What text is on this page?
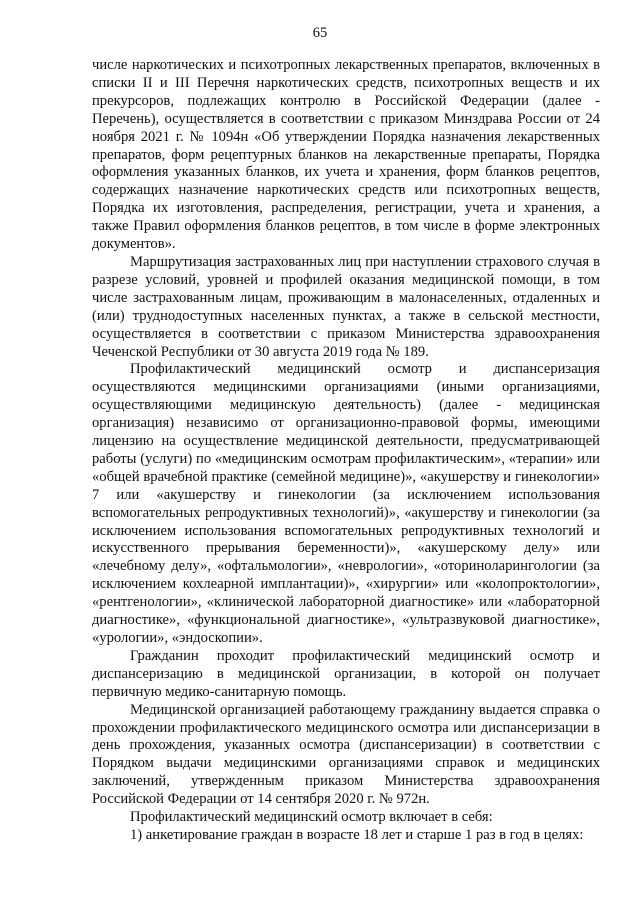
65

числе наркотических и психотропных лекарственных препаратов, включенных в списки II и III Перечня наркотических средств, психотропных веществ и их прекурсоров, подлежащих контролю в Российской Федерации (далее - Перечень), осуществляется в соответствии с приказом Минздрава России от 24 ноября 2021 г. № 1094н «Об утверждении Порядка назначения лекарственных препаратов, форм рецептурных бланков на лекарственные препараты, Порядка оформления указанных бланков, их учета и хранения, форм бланков рецептов, содержащих назначение наркотических средств или психотропных веществ, Порядка их изготовления, распределения, регистрации, учета и хранения, а также Правил оформления бланков рецептов, в том числе в форме электронных документов».

Маршрутизация застрахованных лиц при наступлении страхового случая в разрезе условий, уровней и профилей оказания медицинской помощи, в том числе застрахованным лицам, проживающим в малонаселенных, отдаленных и (или) труднодоступных населенных пунктах, а также в сельской местности, осуществляется в соответствии с приказом Министерства здравоохранения Чеченской Республики от 30 августа 2019 года № 189.

Профилактический медицинский осмотр и диспансеризация осуществляются медицинскими организациями (иными организациями, осуществляющими медицинскую деятельность) (далее - медицинская организация) независимо от организационно-правовой формы, имеющими лицензию на осуществление медицинской деятельности, предусматривающей работы (услуги) по «медицинским осмотрам профилактическим», «терапии» или «общей врачебной практике (семейной медицине)», «акушерству и гинекологии» 7 или «акушерству и гинекологии (за исключением использования вспомогательных репродуктивных технологий)», «акушерству и гинекологии (за исключением использования вспомогательных репродуктивных технологий и искусственного прерывания беременности)», «акушерскому делу» или «лечебному делу», «офтальмологии», «неврологии», «оториноларингологии (за исключением кохлеарной имплантации)», «хирургии» или «колопроктологии», «рентгенологии», «клинической лабораторной диагностике» или «лабораторной диагностике», «функциональной диагностике», «ультразвуковой диагностике», «урологии», «эндоскопии».

Гражданин проходит профилактический медицинский осмотр и диспансеризацию в медицинской организации, в которой он получает первичную медико-санитарную помощь.

Медицинской организацией работающему гражданину выдается справка о прохождении профилактического медицинского осмотра или диспансеризации в день прохождения, указанных осмотра (диспансеризации) в соответствии с Порядком выдачи медицинскими организациями справок и медицинских заключений, утвержденным приказом Министерства здравоохранения Российской Федерации от 14 сентября 2020 г. № 972н.

Профилактический медицинский осмотр включает в себя:

1) анкетирование граждан в возрасте 18 лет и старше 1 раз в год в целях:
